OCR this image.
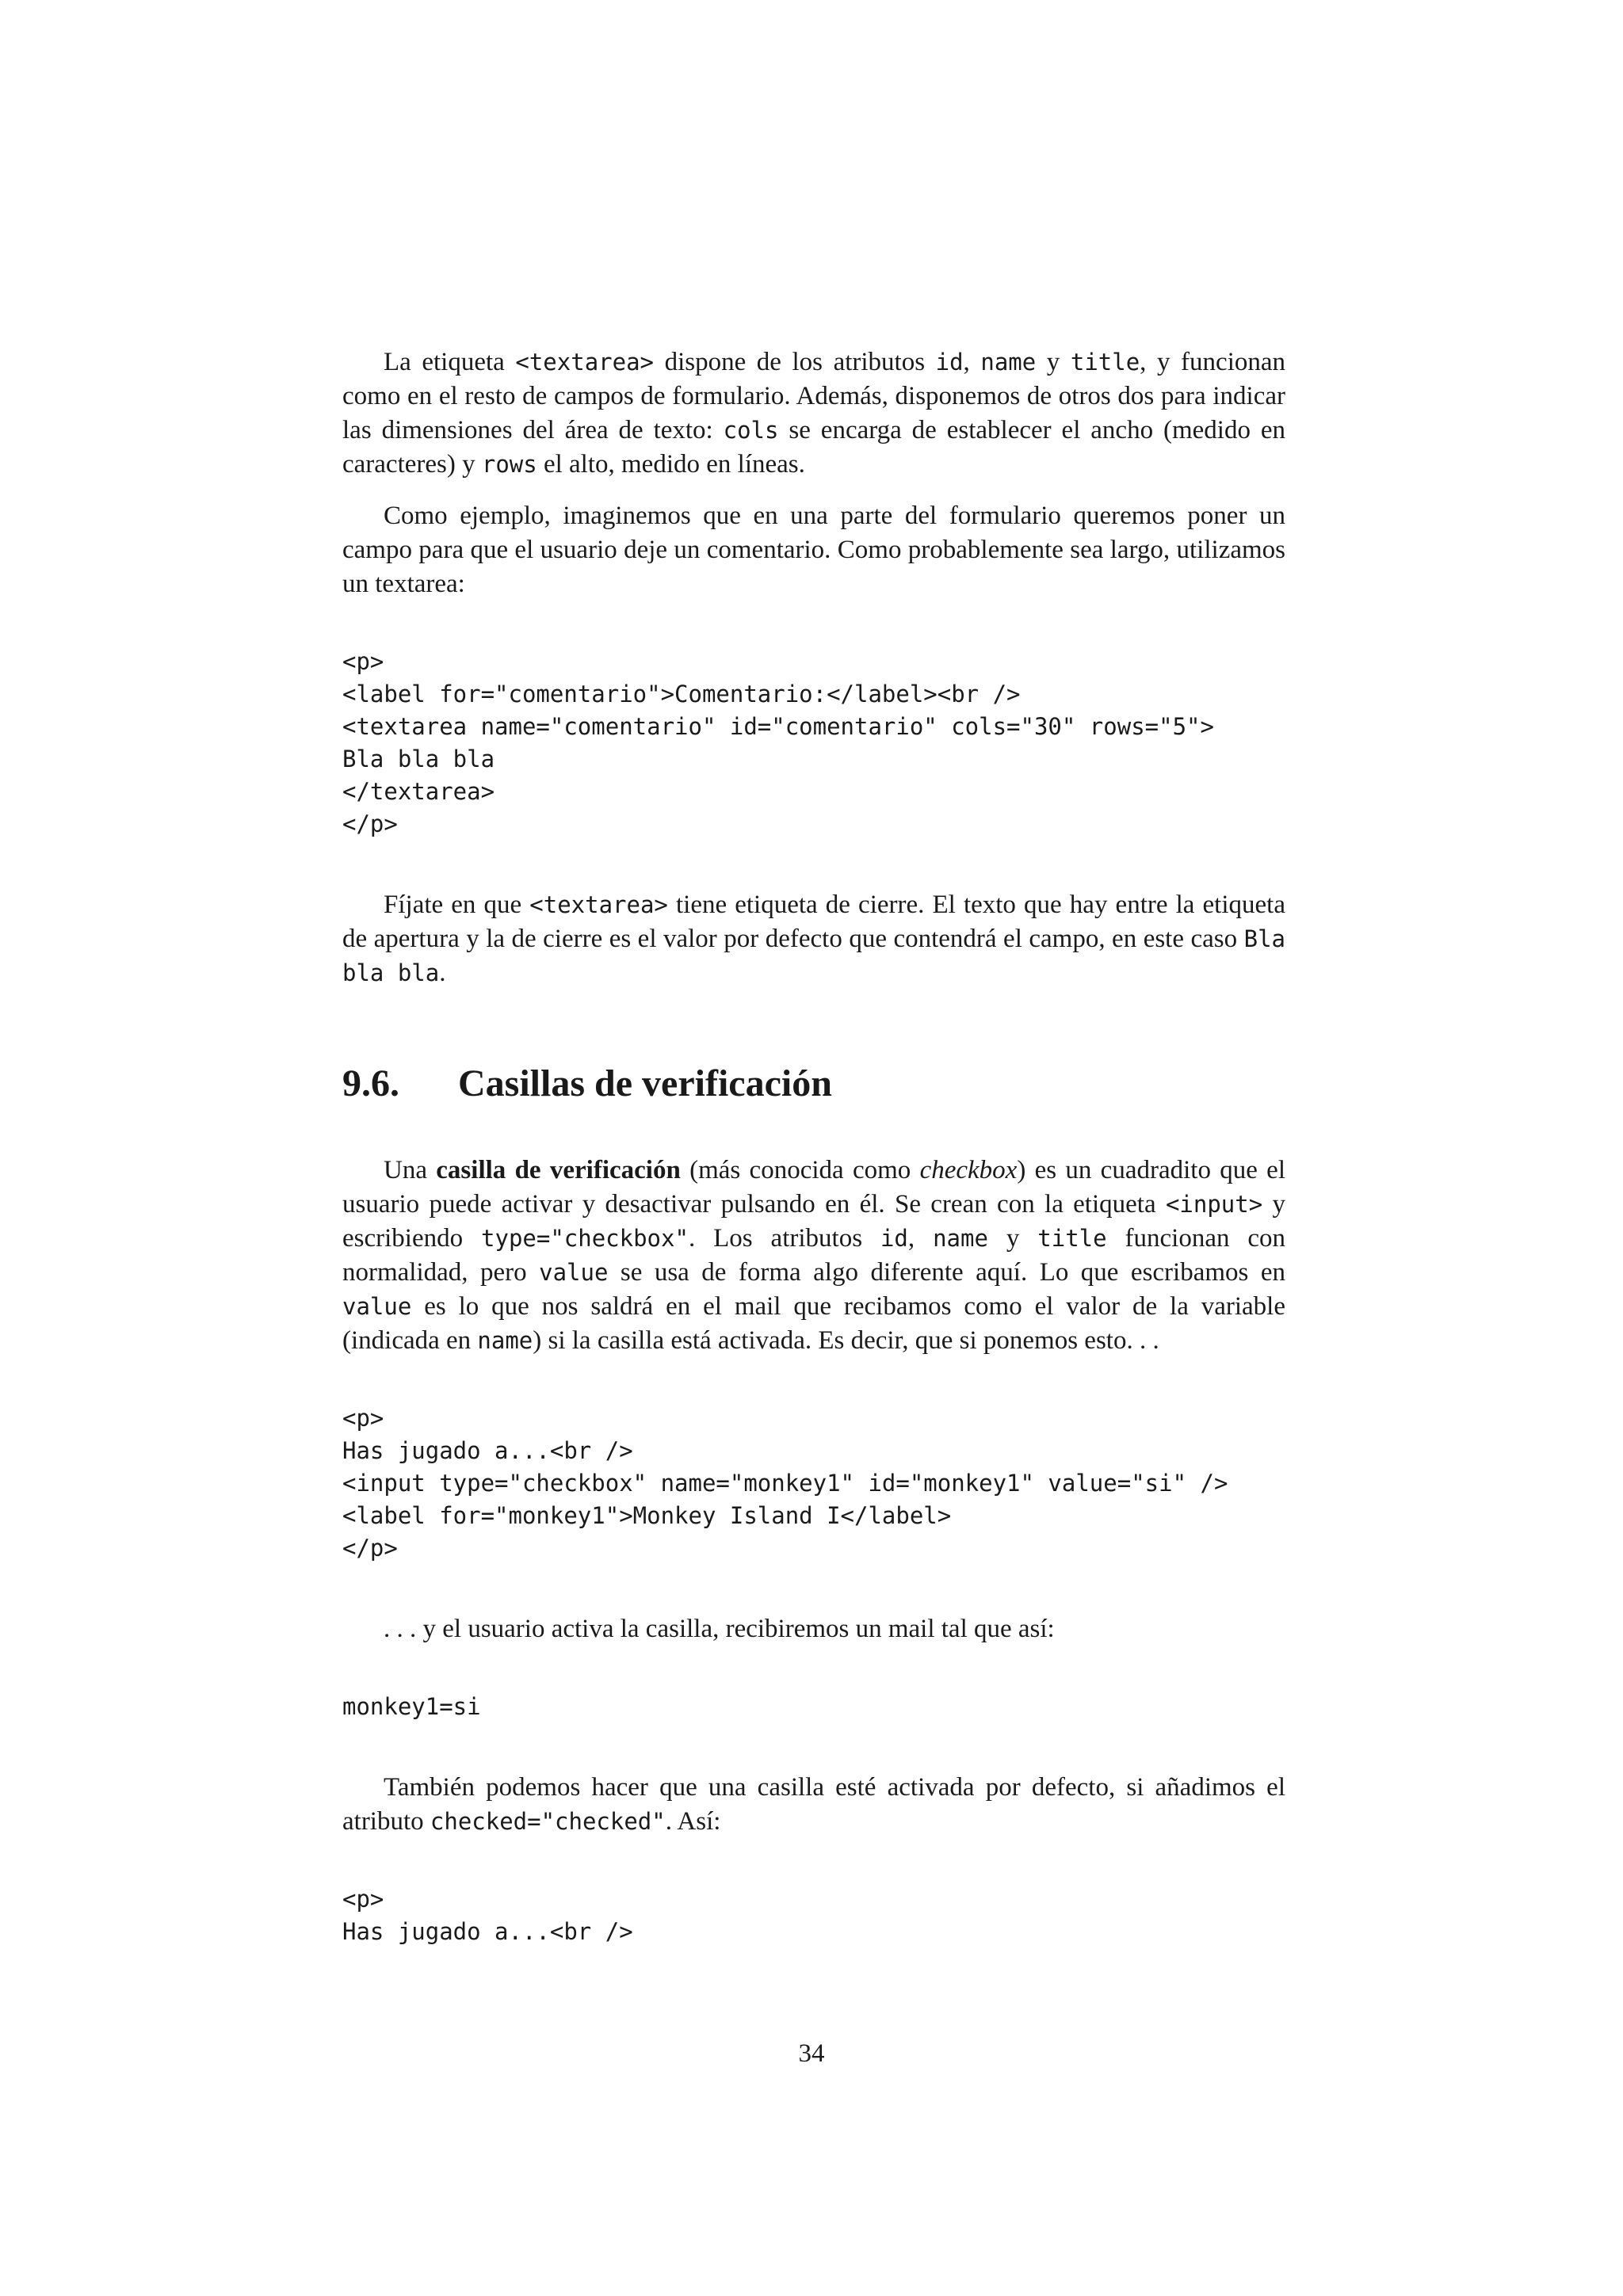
La etiqueta <textarea> dispone de los atributos id, name y title, y funcionan como en el resto de campos de formulario. Además, disponemos de otros dos para indicar las dimensiones del área de texto: cols se encarga de establecer el ancho (medido en caracteres) y rows el alto, medido en líneas.

Como ejemplo, imaginemos que en una parte del formulario queremos poner un campo para que el usuario deje un comentario. Como probablemente sea largo, utilizamos un textarea:

<p>
<label for="comentario">Comentario:</label><br />
<textarea name="comentario" id="comentario" cols="30" rows="5">
Bla bla bla
</textarea>
</p>

Fíjate en que <textarea> tiene etiqueta de cierre. El texto que hay entre la etiqueta de apertura y la de cierre es el valor por defecto que contendrá el campo, en este caso Bla bla bla.

9.6. Casillas de verificación

Una casilla de verificación (más conocida como checkbox) es un cuadradito que el usuario puede activar y desactivar pulsando en él. Se crean con la etiqueta <input> y escribiendo type="checkbox". Los atributos id, name y title funcionan con normalidad, pero value se usa de forma algo diferente aquí. Lo que escribamos en value es lo que nos saldrá en el mail que recibamos como el valor de la variable (indicada en name) si la casilla está activada. Es decir, que si ponemos esto. . .

<p>
Has jugado a...<br />
<input type="checkbox" name="monkey1" id="monkey1" value="si" />
<label for="monkey1">Monkey Island I</label>
</p>

. . . y el usuario activa la casilla, recibiremos un mail tal que así:

monkey1=si

También podemos hacer que una casilla esté activada por defecto, si añadimos el atributo checked="checked". Así:

<p>
Has jugado a...<br />
34
